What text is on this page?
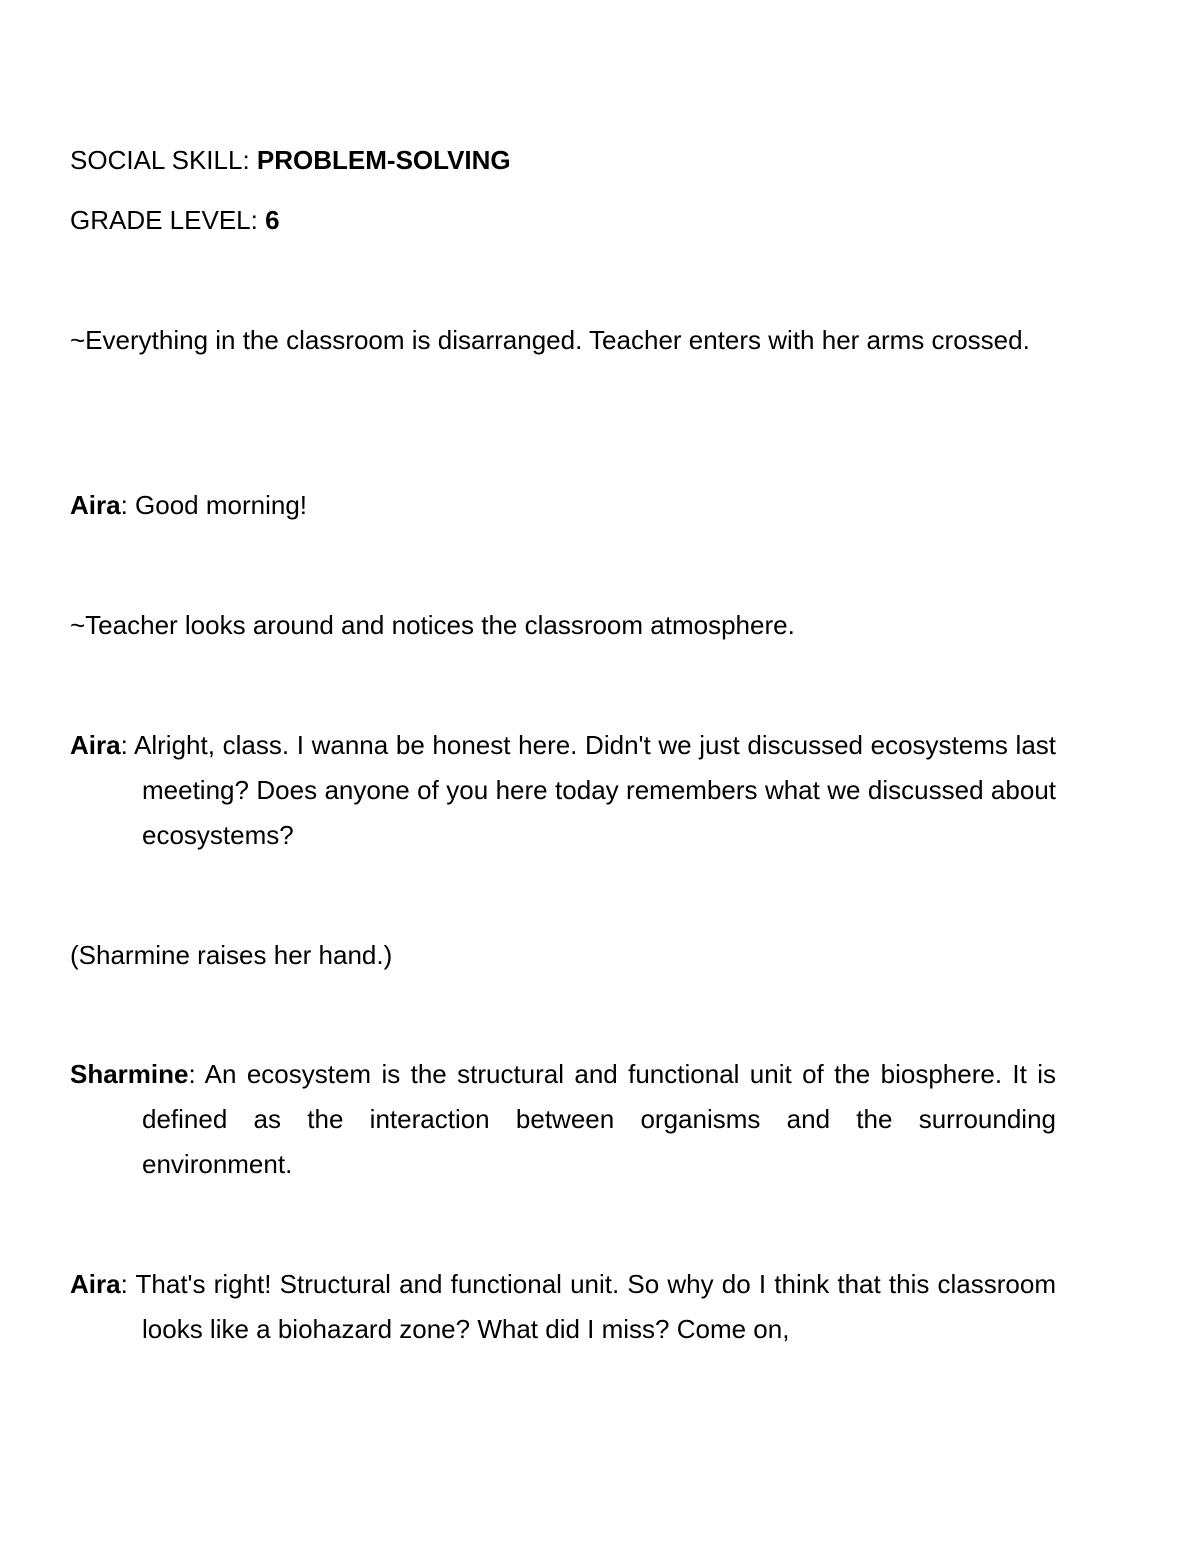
SOCIAL SKILL: PROBLEM-SOLVING

GRADE LEVEL: 6

~Everything in the classroom is disarranged. Teacher enters with her arms crossed.

Aira: Good morning!

~Teacher looks around and notices the classroom atmosphere.

Aira: Alright, class. I wanna be honest here. Didn't we just discussed ecosystems last meeting? Does anyone of you here today remembers what we discussed about ecosystems?

(Sharmine raises her hand.)

Sharmine: An ecosystem is the structural and functional unit of the biosphere. It is defined as the interaction between organisms and the surrounding environment.

Aira: That's right! Structural and functional unit. So why do I think that this classroom looks like a biohazard zone? What did I miss? Come on,
